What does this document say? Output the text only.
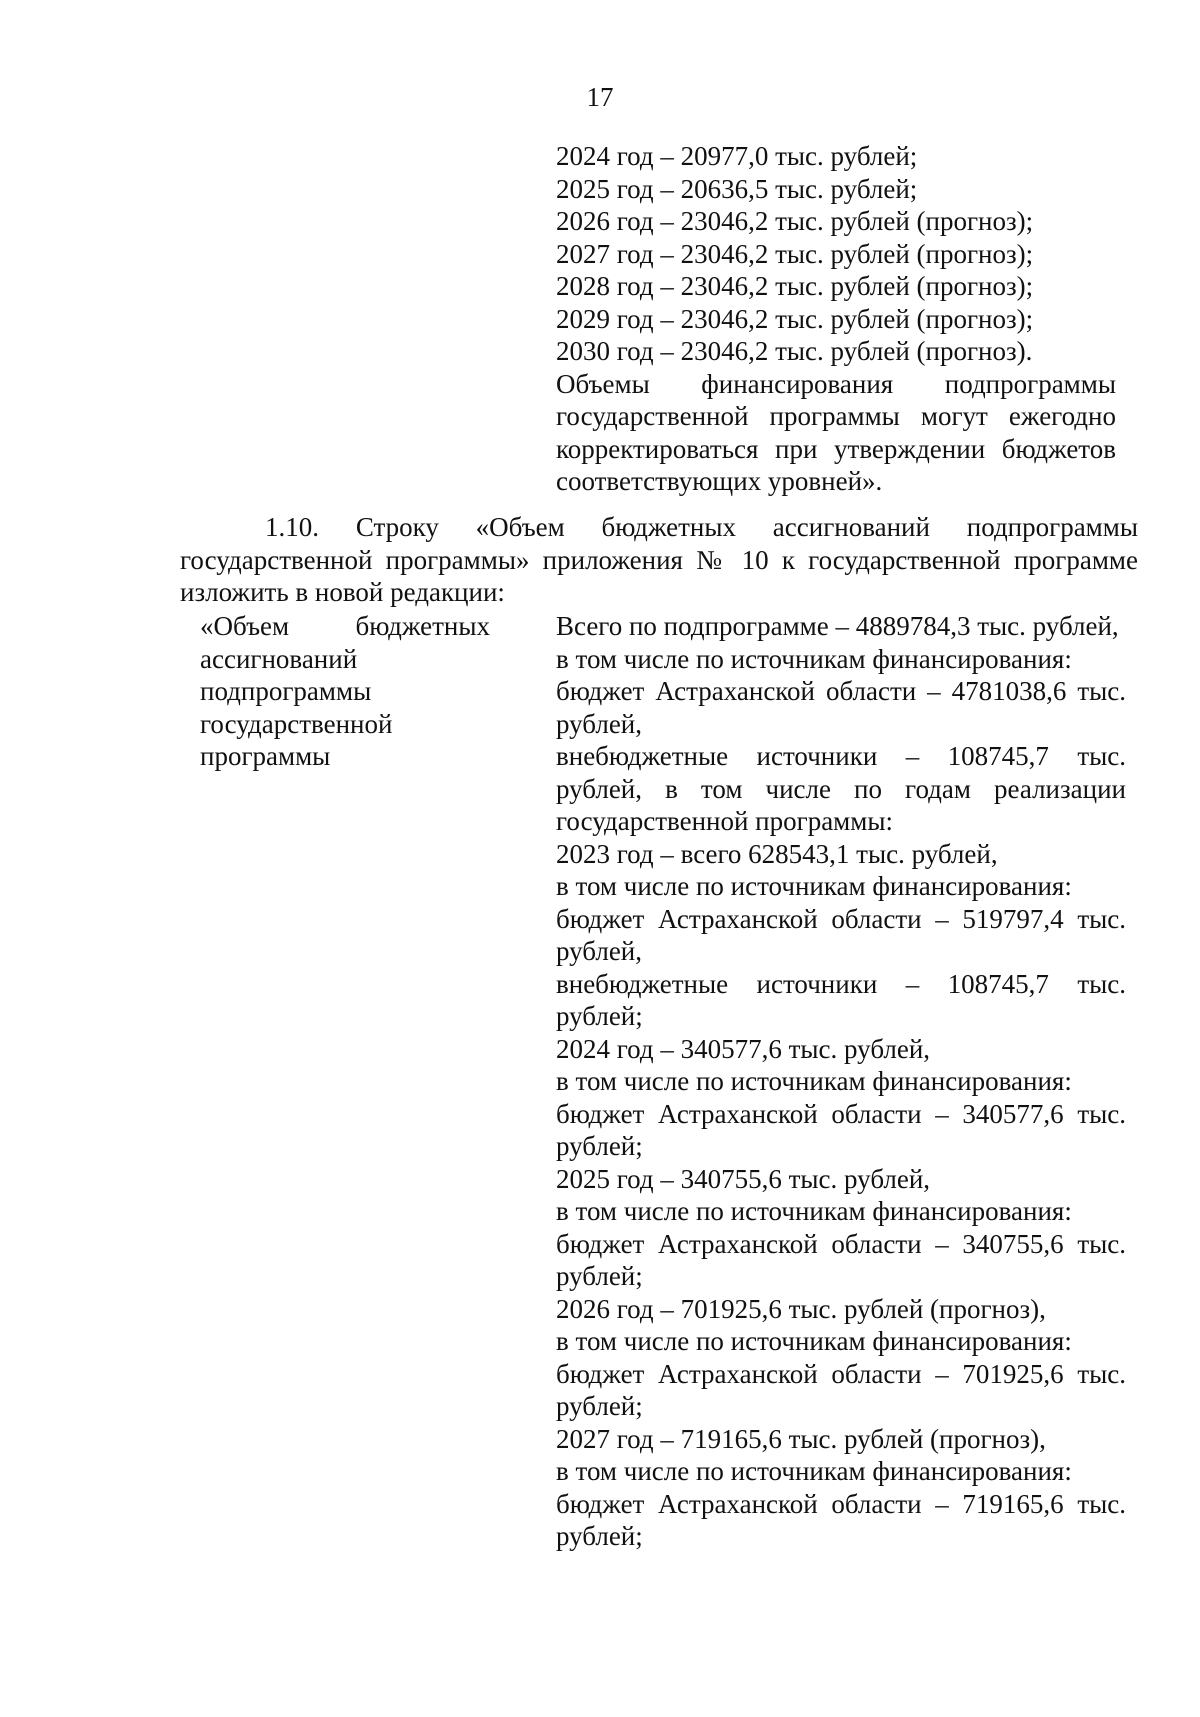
17
2024 год – 20977,0 тыс. рублей;
2025 год – 20636,5 тыс. рублей;
2026 год – 23046,2 тыс. рублей (прогноз);
2027 год – 23046,2 тыс. рублей (прогноз);
2028 год – 23046,2 тыс. рублей (прогноз);
2029 год – 23046,2 тыс. рублей (прогноз);
2030 год – 23046,2 тыс. рублей (прогноз).

Объемы финансирования подпрограммы государственной программы могут ежегодно корректироваться при утверждении бюджетов соответствующих уровней».

1.10. Строку «Объем бюджетных ассигнований подпрограммы государственной программы» приложения № 10 к государственной программе изложить в новой редакции:

«Объем бюджетных ассигнований подпрограммы государственной программы

Всего по подпрограмме – 4889784,3 тыс. рублей,

в том числе по источникам финансирования:

бюджет Астраханской области – 4781038,6 тыс. рублей,

внебюджетные источники – 108745,7 тыс. рублей, в том числе по годам реализации государственной программы:

2023 год – всего 628543,1 тыс. рублей,

в том числе по источникам финансирования:

бюджет Астраханской области – 519797,4 тыс. рублей,

внебюджетные источники – 108745,7 тыс. рублей;

2024 год – 340577,6 тыс. рублей,

в том числе по источникам финансирования:

бюджет Астраханской области – 340577,6 тыс. рублей;

2025 год – 340755,6 тыс. рублей,

в том числе по источникам финансирования:

бюджет Астраханской области – 340755,6 тыс. рублей;

2026 год – 701925,6 тыс. рублей (прогноз),

в том числе по источникам финансирования:

бюджет Астраханской области – 701925,6 тыс. рублей;

2027 год – 719165,6 тыс. рублей (прогноз),

в том числе по источникам финансирования:

бюджет Астраханской области – 719165,6 тыс. рублей;
